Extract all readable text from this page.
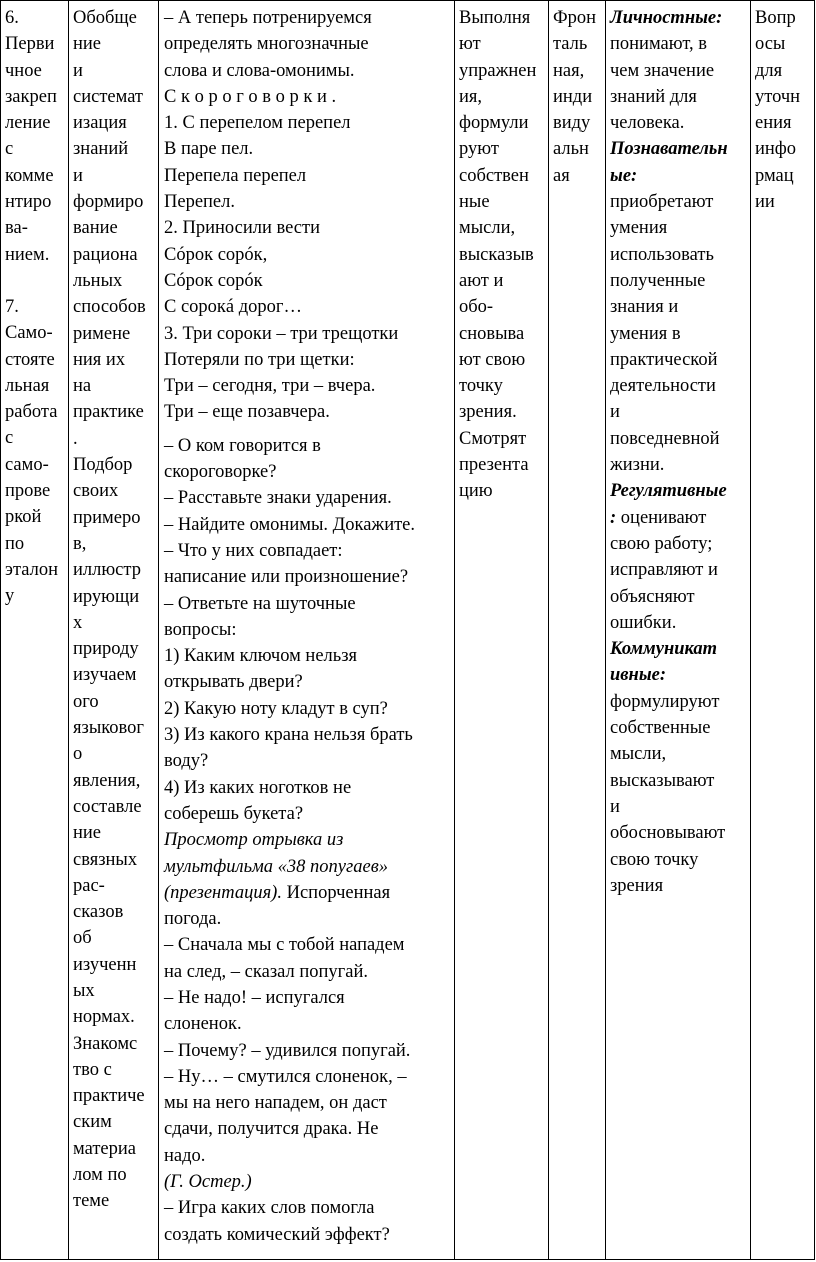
6.
Перви
чное
закреп
ление
с
комме
нтиро
ва-
нием.
7.
Само-
стояте
льная
работа
с
само-
прове
ркой
по
эталон
у

Обобще
ние
и
системат
изация
знаний
и
формиро
вание
рациона
льных
способов
римене
ния их
на
практике
.
Подбор
своих
примеро
в,
иллюстр
ирующи
х
природу
изучаем
ого
языковог
о
явления,
составле
ние
связных
рас-
сказов
об
изученн
ых
нормах.
Знакомс
тво с
практиче
ским
материа
лом по
теме

– А теперь потренируемся
определять многозначные
слова и слова-омонимы.
С к о р о г о в о р к и .
1. С перепелом перепел
В паре пел.
Перепела перепел
Перепел.
2. Приносили вести
Сóрок сорóк,
Сóрок сорóк
С сорокá дорог…
3. Три сороки – три трещотки
Потеряли по три щетки:
Три – сегодня, три – вчера.
Три – еще позавчера.
– О ком говорится в
скороговорке?
– Расставьте знаки ударения.
– Найдите омонимы. Докажите.
– Что у них совпадает:
написание или произношение?
– Ответьте на шуточные
вопросы:
1) Каким ключом нельзя
открывать двери?
2) Какую ноту кладут в суп?
3) Из какого крана нельзя брать
воду?
4) Из каких ноготков не
соберешь букета?
Просмотр отрывка из
мультфильма «38 попугаев»
(презентация). Испорченная
погода.
– Сначала мы с тобой нападем
на след, – сказал попугай.
– Не надо! – испугался
слоненок.
– Почему? – удивился попугай.
– Ну… – смутился слоненок, –
мы на него нападем, он даст
сдачи, получится драка. Не
надо.
(Г. Остер.)
– Игра каких слов помогла
создать комический эффект?

Выполня
ют
упражнен
ия,
формули
руют
собствен
ные
мысли,
высказыв
ают и
обо-
сновыва
ют свою
точку
зрения.
Смотрят
презента
цию

Фрон
таль
ная,
инди
виду
альн
ая

Личностные:
понимают, в
чем значение
знаний для
человека.
Познавательн
ые:
приобретают
умения
использовать
полученные
знания и
умения в
практической
деятельности
и
повседневной
жизни.
Регулятивные
: оценивают
свою работу;
исправляют и
объясняют
ошибки.
Коммуникат
ивные:
формулируют
собственные
мысли,
высказывают
и
обосновывают
свою точку
зрения

Вопр
осы
для
уточн
ения
инфо
рмац
ии
